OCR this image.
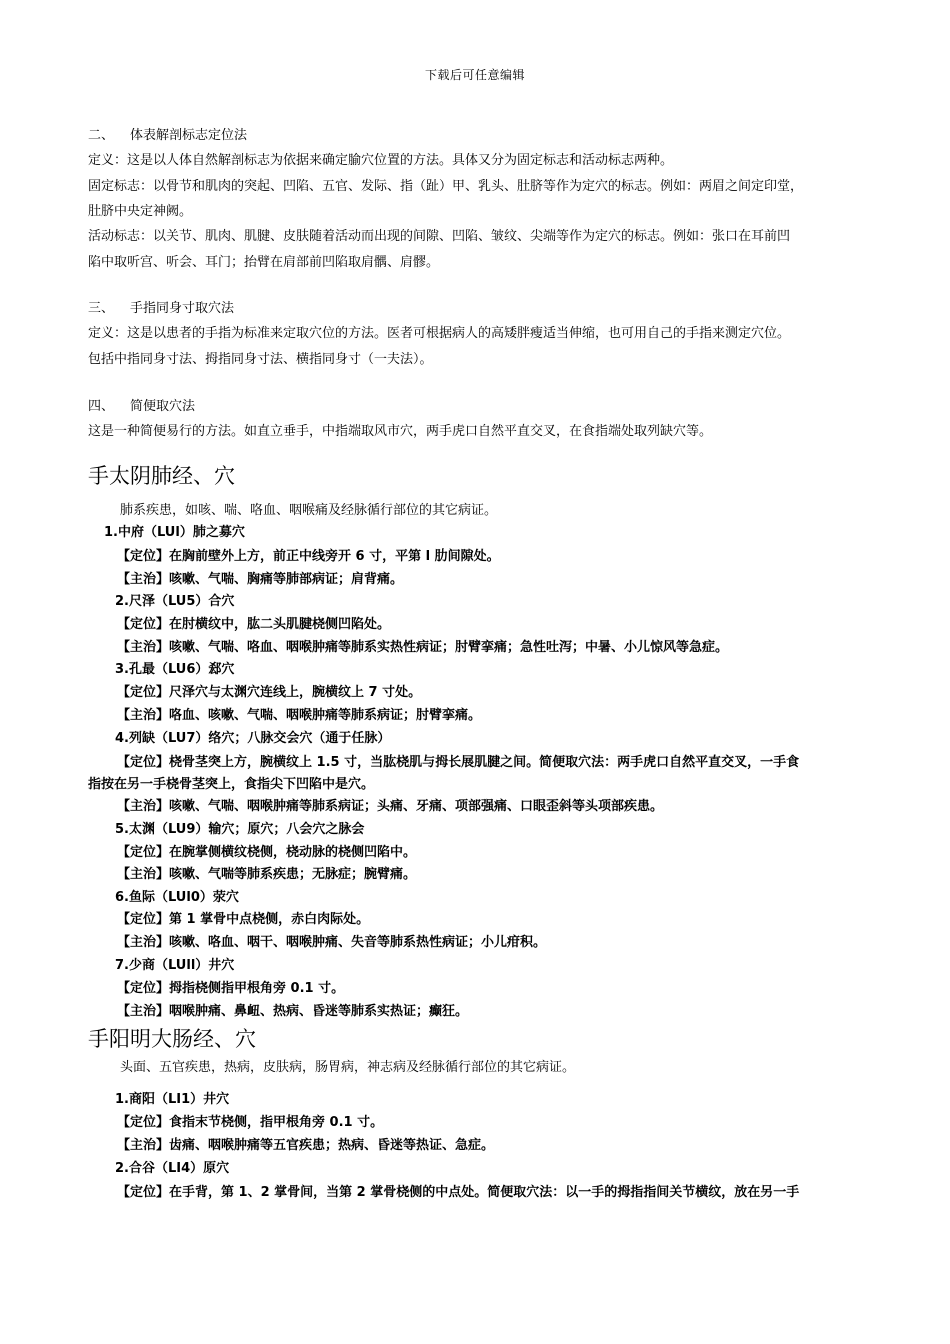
下载后可任意编辑
二、 体表解剖标志定位法
定义：这是以人体自然解剖标志为依据来确定腧穴位置的方法。具体又分为固定标志和活动标志两种。
固定标志：以骨节和肌肉的突起、凹陷、五官、发际、指（趾）甲、乳头、肚脐等作为定穴的标志。例如：两眉之间定印堂，
肚脐中央定神阙。
活动标志：以关节、肌肉、肌腱、皮肤随着活动而出现的间隙、凹陷、皱纹、尖端等作为定穴的标志。例如：张口在耳前凹
陷中取听宫、听会、耳门；抬臂在肩部前凹陷取肩髃、肩髎。
三、 手指同身寸取穴法
定义：这是以患者的手指为标准来定取穴位的方法。医者可根据病人的高矮胖瘦适当伸缩，也可用自己的手指来测定穴位。
包括中指同身寸法、拇指同身寸法、横指同身寸（一夫法）。
四、 简便取穴法
这是一种简便易行的方法。如直立垂手，中指端取风市穴，两手虎口自然平直交叉，在食指端处取列缺穴等。
手太阴肺经、穴
肺系疾患，如咳、喘、咯血、咽喉痛及经脉循行部位的其它病证。
1.中府（LUl）肺之募穴
【定位】在胸前壁外上方，前正中线旁开 6 寸，平第 l 肋间隙处。
【主治】咳嗽、气喘、胸痛等肺部病证；肩背痛。
2.尺泽（LU5）合穴
【定位】在肘横纹中，肱二头肌腱桡侧凹陷处。
【主治】咳嗽、气喘、咯血、咽喉肿痛等肺系实热性病证；肘臂挛痛；急性吐泻；中暑、小儿惊风等急症。
3.孔最（LU6）郄穴
【定位】尺泽穴与太渊穴连线上，腕横纹上 7 寸处。
【主治】咯血、咳嗽、气喘、咽喉肿痛等肺系病证；肘臂挛痛。
4.列缺（LU7）络穴；八脉交会穴（通于任脉）
【定位】桡骨茎突上方，腕横纹上 1.5 寸，当肱桡肌与拇长展肌腱之间。简便取穴法：两手虎口自然平直交叉，一手食
指按在另一手桡骨茎突上，食指尖下凹陷中是穴。
【主治】咳嗽、气喘、咽喉肿痛等肺系病证；头痛、牙痛、项部强痛、口眼歪斜等头项部疾患。
5.太渊（LU9）输穴；原穴；八会穴之脉会
【定位】在腕掌侧横纹桡侧，桡动脉的桡侧凹陷中。
【主治】咳嗽、气喘等肺系疾患；无脉症；腕臂痛。
6.鱼际（LUl0）荥穴
【定位】第 1 掌骨中点桡侧，赤白肉际处。
【主治】咳嗽、咯血、咽干、咽喉肿痛、失音等肺系热性病证；小儿疳积。
7.少商（LUll）井穴
【定位】拇指桡侧指甲根角旁 0.1 寸。
【主治】咽喉肿痛、鼻衄、热病、昏迷等肺系实热证；癫狂。
手阳明大肠经、穴
头面、五官疾患，热病，皮肤病，肠胃病，神志病及经脉循行部位的其它病证。
1.商阳（LI1）井穴
【定位】食指末节桡侧，指甲根角旁 0.1 寸。
【主治】齿痛、咽喉肿痛等五官疾患；热病、昏迷等热证、急症。
2.合谷（LI4）原穴
【定位】在手背，第 1、2 掌骨间，当第 2 掌骨桡侧的中点处。简便取穴法：以一手的拇指指间关节横纹，放在另一手
